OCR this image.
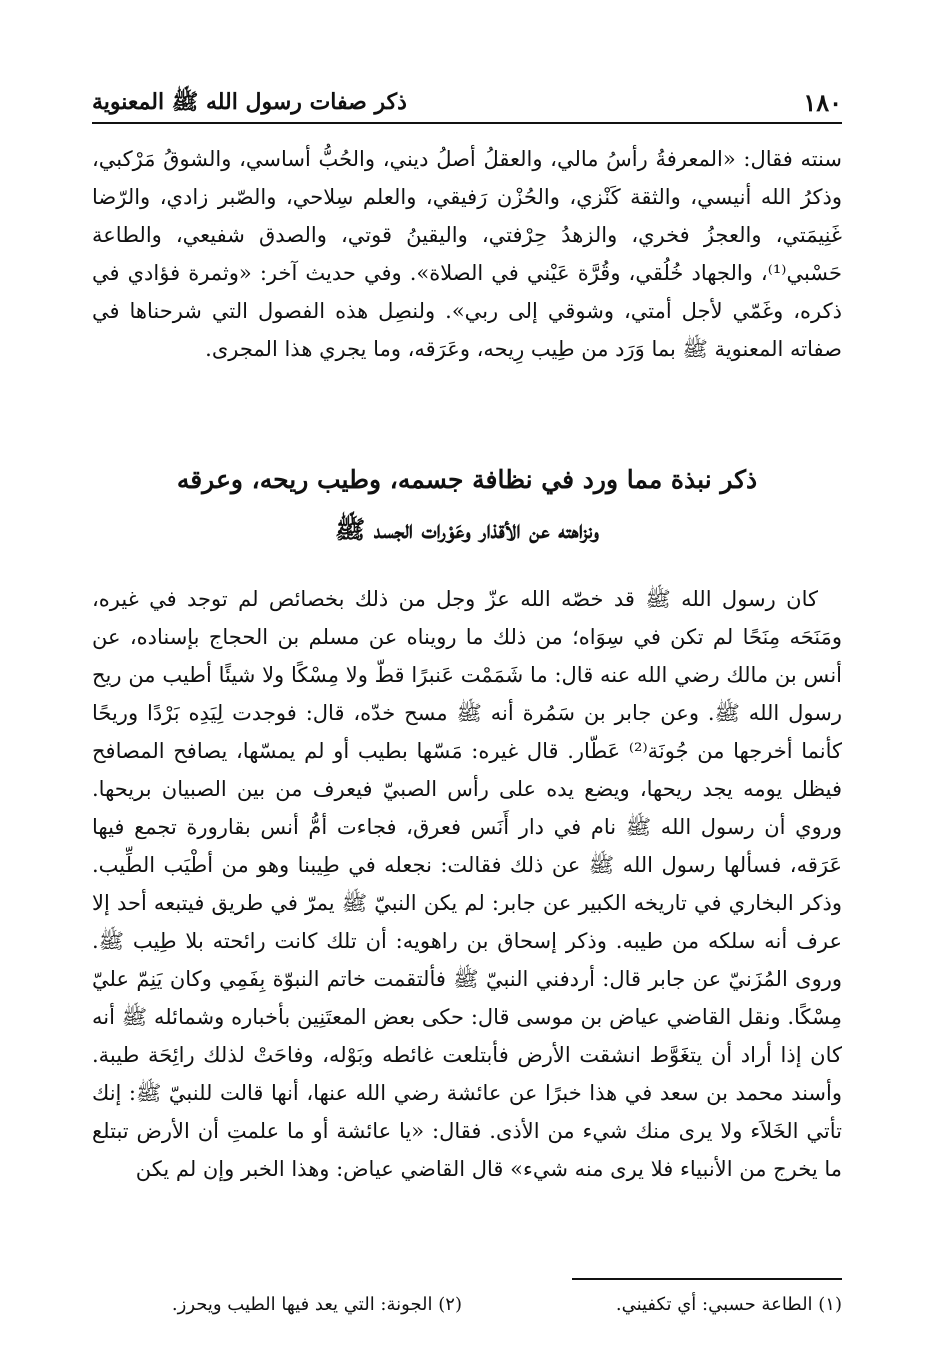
١٨٠
ذكر صفات رسول الله ﷺ المعنوية

سنته فقال: «المعرفةُ رأسُ مالي، والعقلُ أصلُ ديني، والحُبُّ أساسي، والشوقُ مَرْكبي، وذكرُ الله أنيسي، والثقة كَنْزي، والحُزْن رَفيقي، والعلم سِلاحي، والصّبر زادي، والرّضا غَنِيمَتي، والعجزُ فخري، والزهدُ حِرْفتي، واليقينُ قوتي، والصدق شفيعي، والطاعة حَسْبي⁽¹⁾، والجهاد خُلُقي، وقُرَّة عَيْني في الصلاة». وفي حديث آخر: «وثمرة فؤادي في ذكره، وغَمّي لأجل أمتي، وشوقي إلى ربي». ولنصِل هذه الفصول التي شرحناها في صفاته المعنوية ﷺ بما وَرَد من طِيب رِيحه، وعَرَقه، وما يجري هذا المجرى.

ذكر نبذة مما ورد في نظافة جسمه، وطيب ريحه، وعرقه
ونزاهته عن الأقذار وعَوْرات الجسد ﷺ

كان رسول الله ﷺ قد خصّه الله عزّ وجل من ذلك بخصائص لم توجد في غيره، ومَنَحَه مِنَحًا لم تكن في سِوَاه؛ من ذلك ما رويناه عن مسلم بن الحجاج بإسناده، عن أنس بن مالك رضي الله عنه قال: ما شَمَمْت عَنبرًا قطّ ولا مِسْكًا ولا شيئًا أطيب من ريح رسول الله ﷺ. وعن جابر بن سَمُرة أنه ﷺ مسح خدّه، قال: فوجدت لِيَدِه بَرْدًا وريحًا كأنما أخرجها من جُونَة⁽²⁾ عَطّار. قال غيره: مَسّها بطيب أو لم يمسّها، يصافح المصافح فيظل يومه يجد ريحها، ويضع يده على رأس الصبيّ فيعرف من بين الصبيان بريحها. وروي أن رسول الله ﷺ نام في دار أَنَس فعرق، فجاءت أمُّ أنس بقارورة تجمع فيها عَرَقه، فسألها رسول الله ﷺ عن ذلك فقالت: نجعله في طِيبنا وهو من أطْيَب الطِّيب. وذكر البخاري في تاريخه الكبير عن جابر: لم يكن النبيّ ﷺ يمرّ في طريق فيتبعه أحد إلا عرف أنه سلكه من طيبه. وذكر إسحاق بن راهويه: أن تلك كانت رائحته بلا طِيب ﷺ. وروى المُزَنيّ عن جابر قال: أردفني النبيّ ﷺ فألتقمت خاتم النبوّة بِفَمِي وكان يَنِمّ عليّ مِسْكًا. ونقل القاضي عياض بن موسى قال: حكى بعض المعتَنِين بأخباره وشمائله ﷺ أنه كان إذا أراد أن يتغَوَّط انشقت الأرض فأبتلعت غائطه وبَوْله، وفاحَتْ لذلك رائِحَة طيبة. وأسند محمد بن سعد في هذا خبرًا عن عائشة رضي الله عنها، أنها قالت للنبيّ ﷺ: إنك تأتي الخَلاَء ولا يرى منك شيء من الأذى. فقال: «يا عائشة أو ما علمتِ أن الأرض تبتلع ما يخرج من الأنبياء فلا يرى منه شيء» قال القاضي عياض: وهذا الخبر وإن لم يكن

(١) الطاعة حسبي: أي تكفيني.
(٢) الجونة: التي يعد فيها الطيب ويحرز.
